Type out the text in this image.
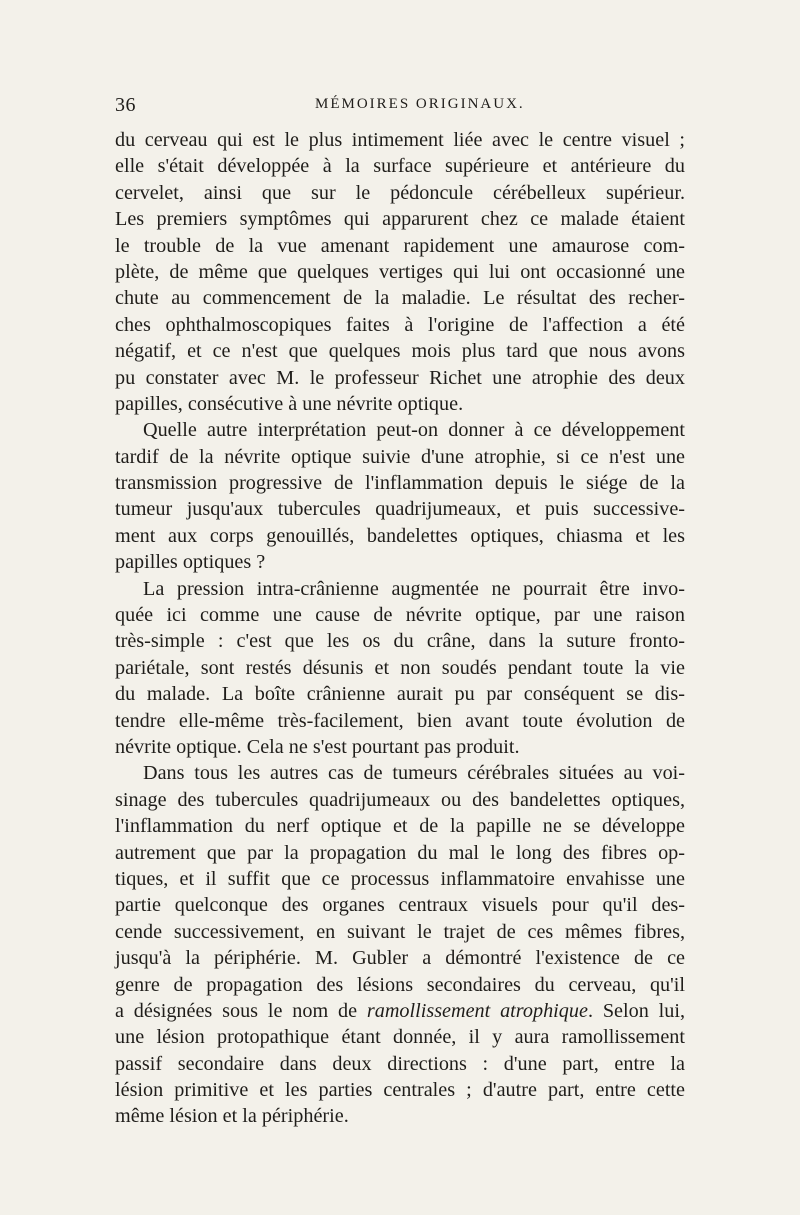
36	MÉMOIRES ORIGINAUX.
du cerveau qui est le plus intimement liée avec le centre visuel ;
elle s'était développée à la surface supérieure et antérieure du
cervelet, ainsi que sur le pédoncule cérébelleux supérieur.
Les premiers symptômes qui apparurent chez ce malade étaient
le trouble de la vue amenant rapidement une amaurose com-
plète, de même que quelques vertiges qui lui ont occasionné une
chute au commencement de la maladie. Le résultat des recher-
ches ophthalmoscopiques faites à l'origine de l'affection a été
négatif, et ce n'est que quelques mois plus tard que nous avons
pu constater avec M. le professeur Richet une atrophie des deux
papilles, consécutive à une névrite optique.
Quelle autre interprétation peut-on donner à ce développement
tardif de la névrite optique suivie d'une atrophie, si ce n'est une
transmission progressive de l'inflammation depuis le siége de la
tumeur jusqu'aux tubercules quadrijumeaux, et puis successive-
ment aux corps genouillés, bandelettes optiques, chiasma et les
papilles optiques ?
La pression intra-crânienne augmentée ne pourrait être invo-
quée ici comme une cause de névrite optique, par une raison
très-simple : c'est que les os du crâne, dans la suture fronto-
pariétale, sont restés désunis et non soudés pendant toute la vie
du malade. La boîte crânienne aurait pu par conséquent se dis-
tendre elle-même très-facilement, bien avant toute évolution de
névrite optique. Cela ne s'est pourtant pas produit.
Dans tous les autres cas de tumeurs cérébrales situées au voi-
sinage des tubercules quadrijumeaux ou des bandelettes optiques,
l'inflammation du nerf optique et de la papille ne se développe
autrement que par la propagation du mal le long des fibres op-
tiques, et il suffit que ce processus inflammatoire envahisse une
partie quelconque des organes centraux visuels pour qu'il des-
cende successivement, en suivant le trajet de ces mêmes fibres,
jusqu'à la périphérie. M. Gubler a démontré l'existence de ce
genre de propagation des lésions secondaires du cerveau, qu'il
a désignées sous le nom de ramollissement atrophique. Selon lui,
une lésion protopathique étant donnée, il y aura ramollissement
passif secondaire dans deux directions : d'une part, entre la
lésion primitive et les parties centrales ; d'autre part, entre cette
même lésion et la périphérie.
